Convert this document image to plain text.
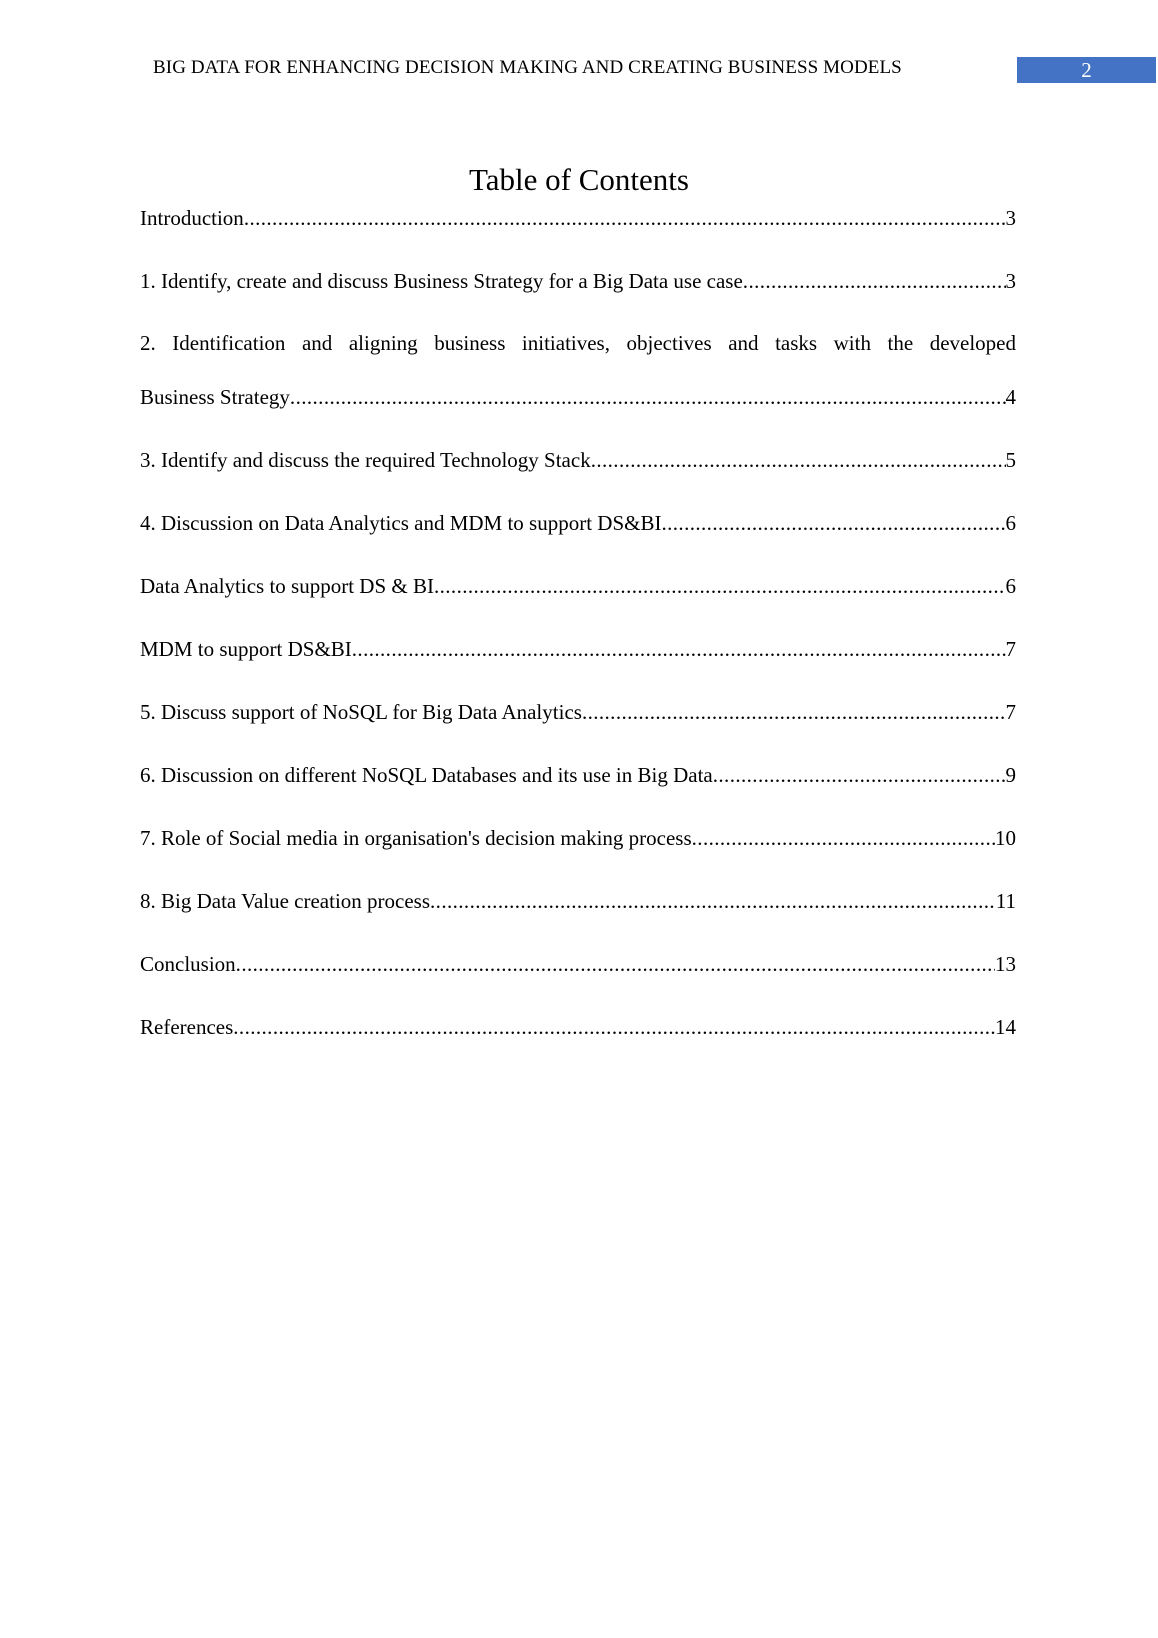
BIG DATA FOR ENHANCING DECISION MAKING AND CREATING BUSINESS MODELS	2
Table of Contents
Introduction .....	3
1. Identify, create and discuss Business Strategy for a Big Data use case .....	3
2. Identification and aligning business initiatives, objectives and tasks with the developed
Business Strategy .....	4
3. Identify and discuss the required Technology Stack .....	5
4. Discussion on Data Analytics and MDM to support DS&BI .....	6
Data Analytics to support DS & BI .....	6
MDM to support DS&BI .....	7
5. Discuss support of NoSQL for Big Data Analytics .....	7
6. Discussion on different NoSQL Databases and its use in Big Data .....	9
7. Role of Social media in organisation's decision making process .....	10
8. Big Data Value creation process .....	11
Conclusion .....	13
References .....	14
